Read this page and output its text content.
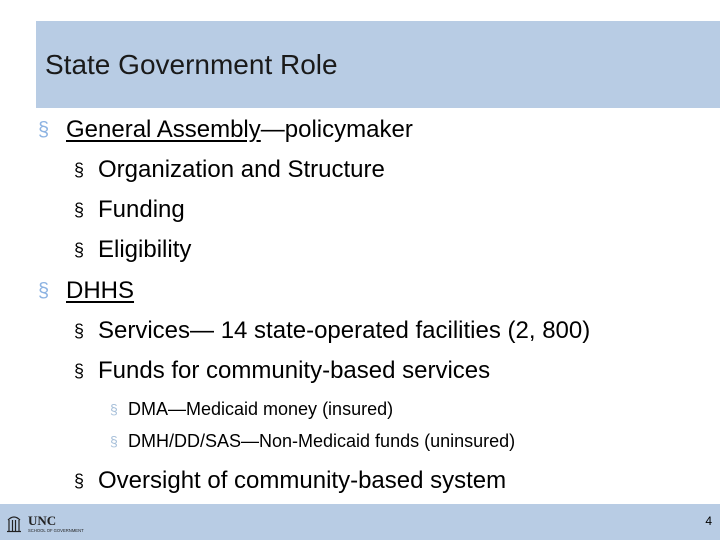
State Government Role
§ General Assembly—policymaker
§ Organization and Structure
§ Funding
§ Eligibility
§ DHHS
§ Services— 14 state-operated facilities (2, 800)
§ Funds for community-based services
§ DMA—Medicaid money (insured)
§ DMH/DD/SAS—Non-Medicaid funds (uninsured)
§ Oversight of community-based system
UNC
SCHOOL OF GOVERNMENT
4
